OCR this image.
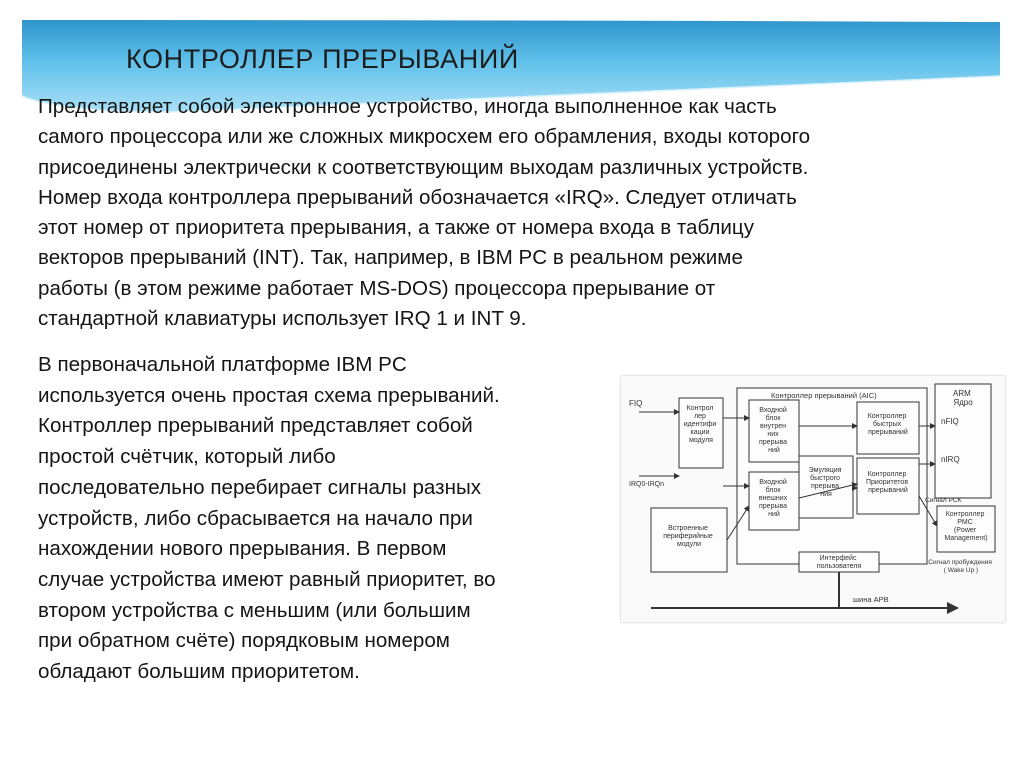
КОНТРОЛЛЕР ПРЕРЫВАНИЙ
Представляет собой электронное устройство, иногда выполненное как часть
самого процессора или же сложных микросхем его обрамления, входы которого
присоединены электрически к соответствующим выходам различных устройств.
Номер входа контроллера прерываний обозначается «IRQ». Следует отличать
этот номер от приоритета прерывания, а также от номера входа в таблицу
векторов прерываний (INT). Так, например, в IBM PC в реальном режиме
работы (в этом режиме работает MS-DOS) процессора прерывание от
стандартной клавиатуры использует IRQ 1 и INT 9.
В первоначальной платформе IBM PC
используется очень простая схема прерываний.
Контроллер прерываний представляет собой
простой счётчик, который либо
последовательно перебирает сигналы разных
устройств, либо сбрасывается на начало при
нахождении нового прерывания. В первом
случае устройства имеют равный приоритет, во
втором устройства с меньшим (или большим
при обратном счёте) порядковым номером
обладают большим приоритетом.
Контроллер прерываний (AIC)	ARM Ядро
nFIQ
nIRQ
FIQ
IRQ0-IRQn
Контрол лер идентифи кации модуля
Входной блок внутрен них прерыва ний
Входной блок внешних прерыва ний
Контроллер быстрых прерываний
Эмуляция быстрого прерыва ния
Контроллер Приоритетов прерываний
Сигнал PCK
Контроллер PMC (Power Management)
Сигнал пробуждения ( Wake Up )
Встроенные периферийные модули
Интерфейс пользователя
шина APB
